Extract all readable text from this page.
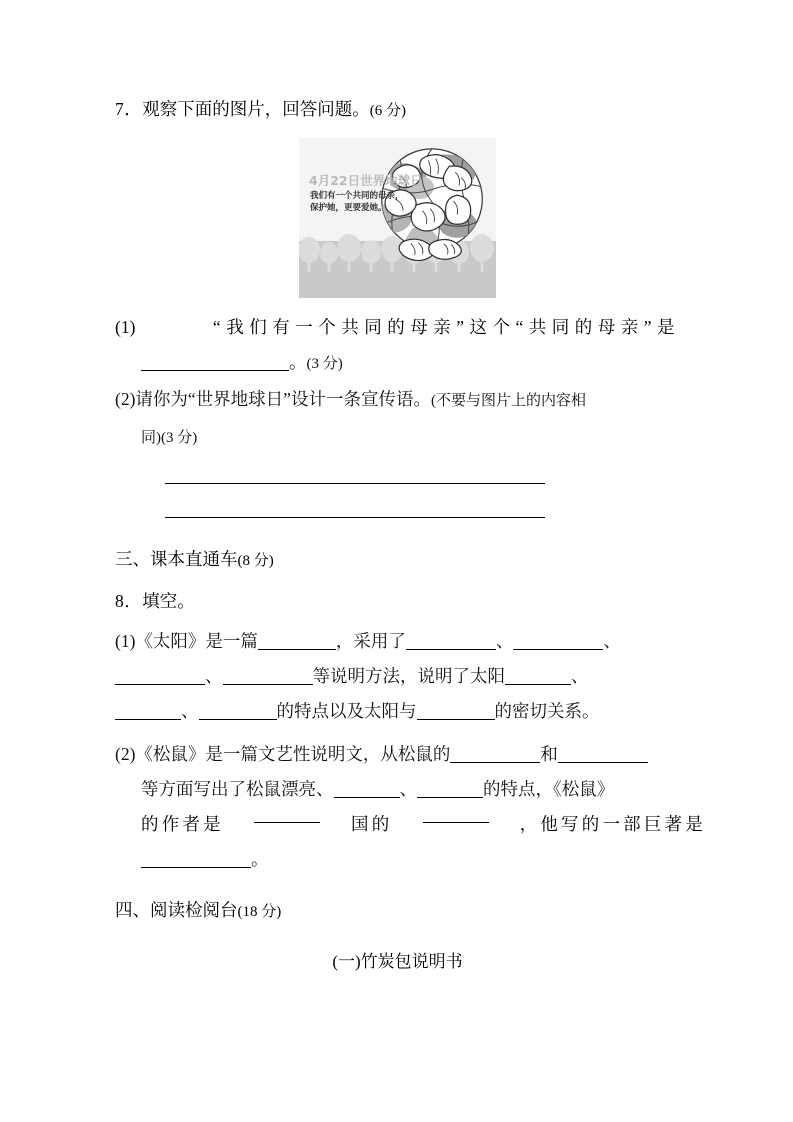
7．观察下面的图片，回答问题。(6 分)
4月22日世界地球日
我们有一个共同的母亲，
保护她，更要爱她。
(1)	“我们有一个共同的母亲”这个“共同的母亲”是
。(3 分)
(2)请你为“世界地球日”设计一条宣传语。(不要与图片上的内容相
同)(3 分)
三、课本直通车(8 分)
8．填空。
(1)《太阳》是一篇	，采用了	、	、
、	等说明方法，说明了太阳	、
、	的特点以及太阳与	的密切关系。
(2)《松鼠》是一篇文艺性说明文，从松鼠的	和
等方面写出了松鼠漂亮、	、	的特点，《松鼠》
的作者是	国的	，他写的一部巨著是
。
四、阅读检阅台(18 分)
(一)竹炭包说明书
